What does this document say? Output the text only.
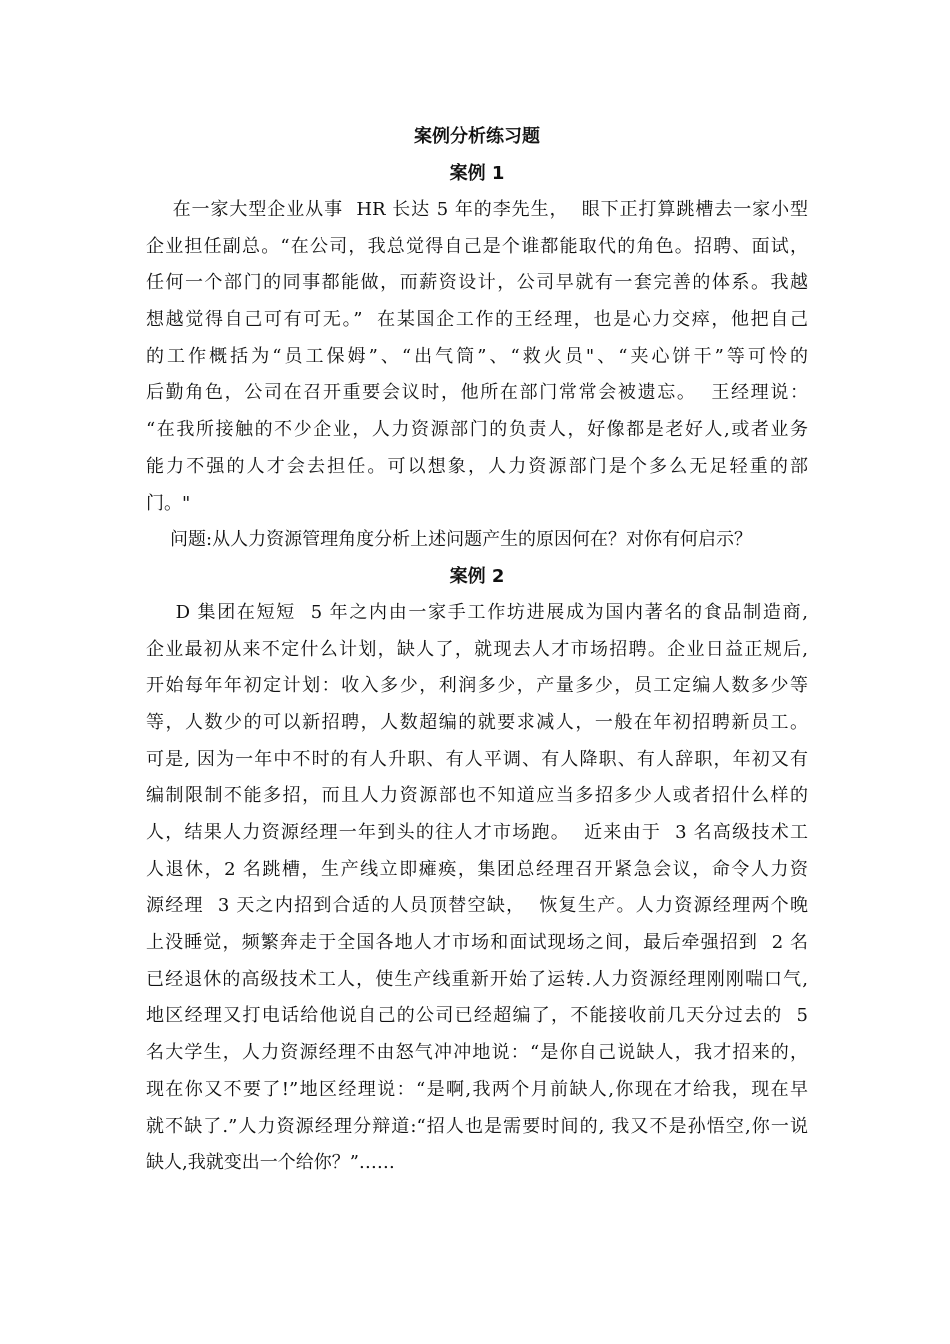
案例分析练习题
案例 1
在一家大型企业从事  HR 长达 5 年的李先生，  眼下正打算跳槽去一家小型
企业担任副总。“在公司，我总觉得自己是个谁都能取代的角色。招聘、面试，
任何一个部门的同事都能做，而薪资设计，公司早就有一套完善的体系。我越
想越觉得自己可有可无。”  在某国企工作的王经理，也是心力交瘁，他把自己
的工作概括为“员工保姆”、“出气筒”、“救火员"、“夹心饼干”等可怜的
后勤角色，公司在召开重要会议时，他所在部门常常会被遗忘。  王经理说：
“在我所接触的不少企业，人力资源部门的负责人，好像都是老好人,或者业务
能力不强的人才会去担任。可以想象，人力资源部门是个多么无足轻重的部
门。"
问题:从人力资源管理角度分析上述问题产生的原因何在？对你有何启示？
案例 2
D 集团在短短  5 年之内由一家手工作坊进展成为国内著名的食品制造商,
企业最初从来不定什么计划，缺人了，就现去人才市场招聘。企业日益正规后,
开始每年年初定计划：收入多少，利润多少，产量多少，员工定编人数多少等
等，人数少的可以新招聘，人数超编的就要求减人，一般在年初招聘新员工。
可是, 因为一年中不时的有人升职、有人平调、有人降职、有人辞职，年初又有
编制限制不能多招，而且人力资源部也不知道应当多招多少人或者招什么样的
人，结果人力资源经理一年到头的往人才市场跑。  近来由于  3 名高级技术工
人退休，2 名跳槽，生产线立即瘫痪，集团总经理召开紧急会议，命令人力资
源经理  3 天之内招到合适的人员顶替空缺，  恢复生产。人力资源经理两个晚
上没睡觉，频繁奔走于全国各地人才市场和面试现场之间，最后牵强招到  2 名
已经退休的高级技术工人，使生产线重新开始了运转.人力资源经理刚刚喘口气,
地区经理又打电话给他说自己的公司已经超编了，不能接收前几天分过去的  5
名大学生，人力资源经理不由怒气冲冲地说：“是你自己说缺人，我才招来的，
现在你又不要了!”地区经理说：“是啊,我两个月前缺人,你现在才给我，现在早
就不缺了.”人力资源经理分辩道:“招人也是需要时间的, 我又不是孙悟空,你一说
缺人,我就变出一个给你？”……
